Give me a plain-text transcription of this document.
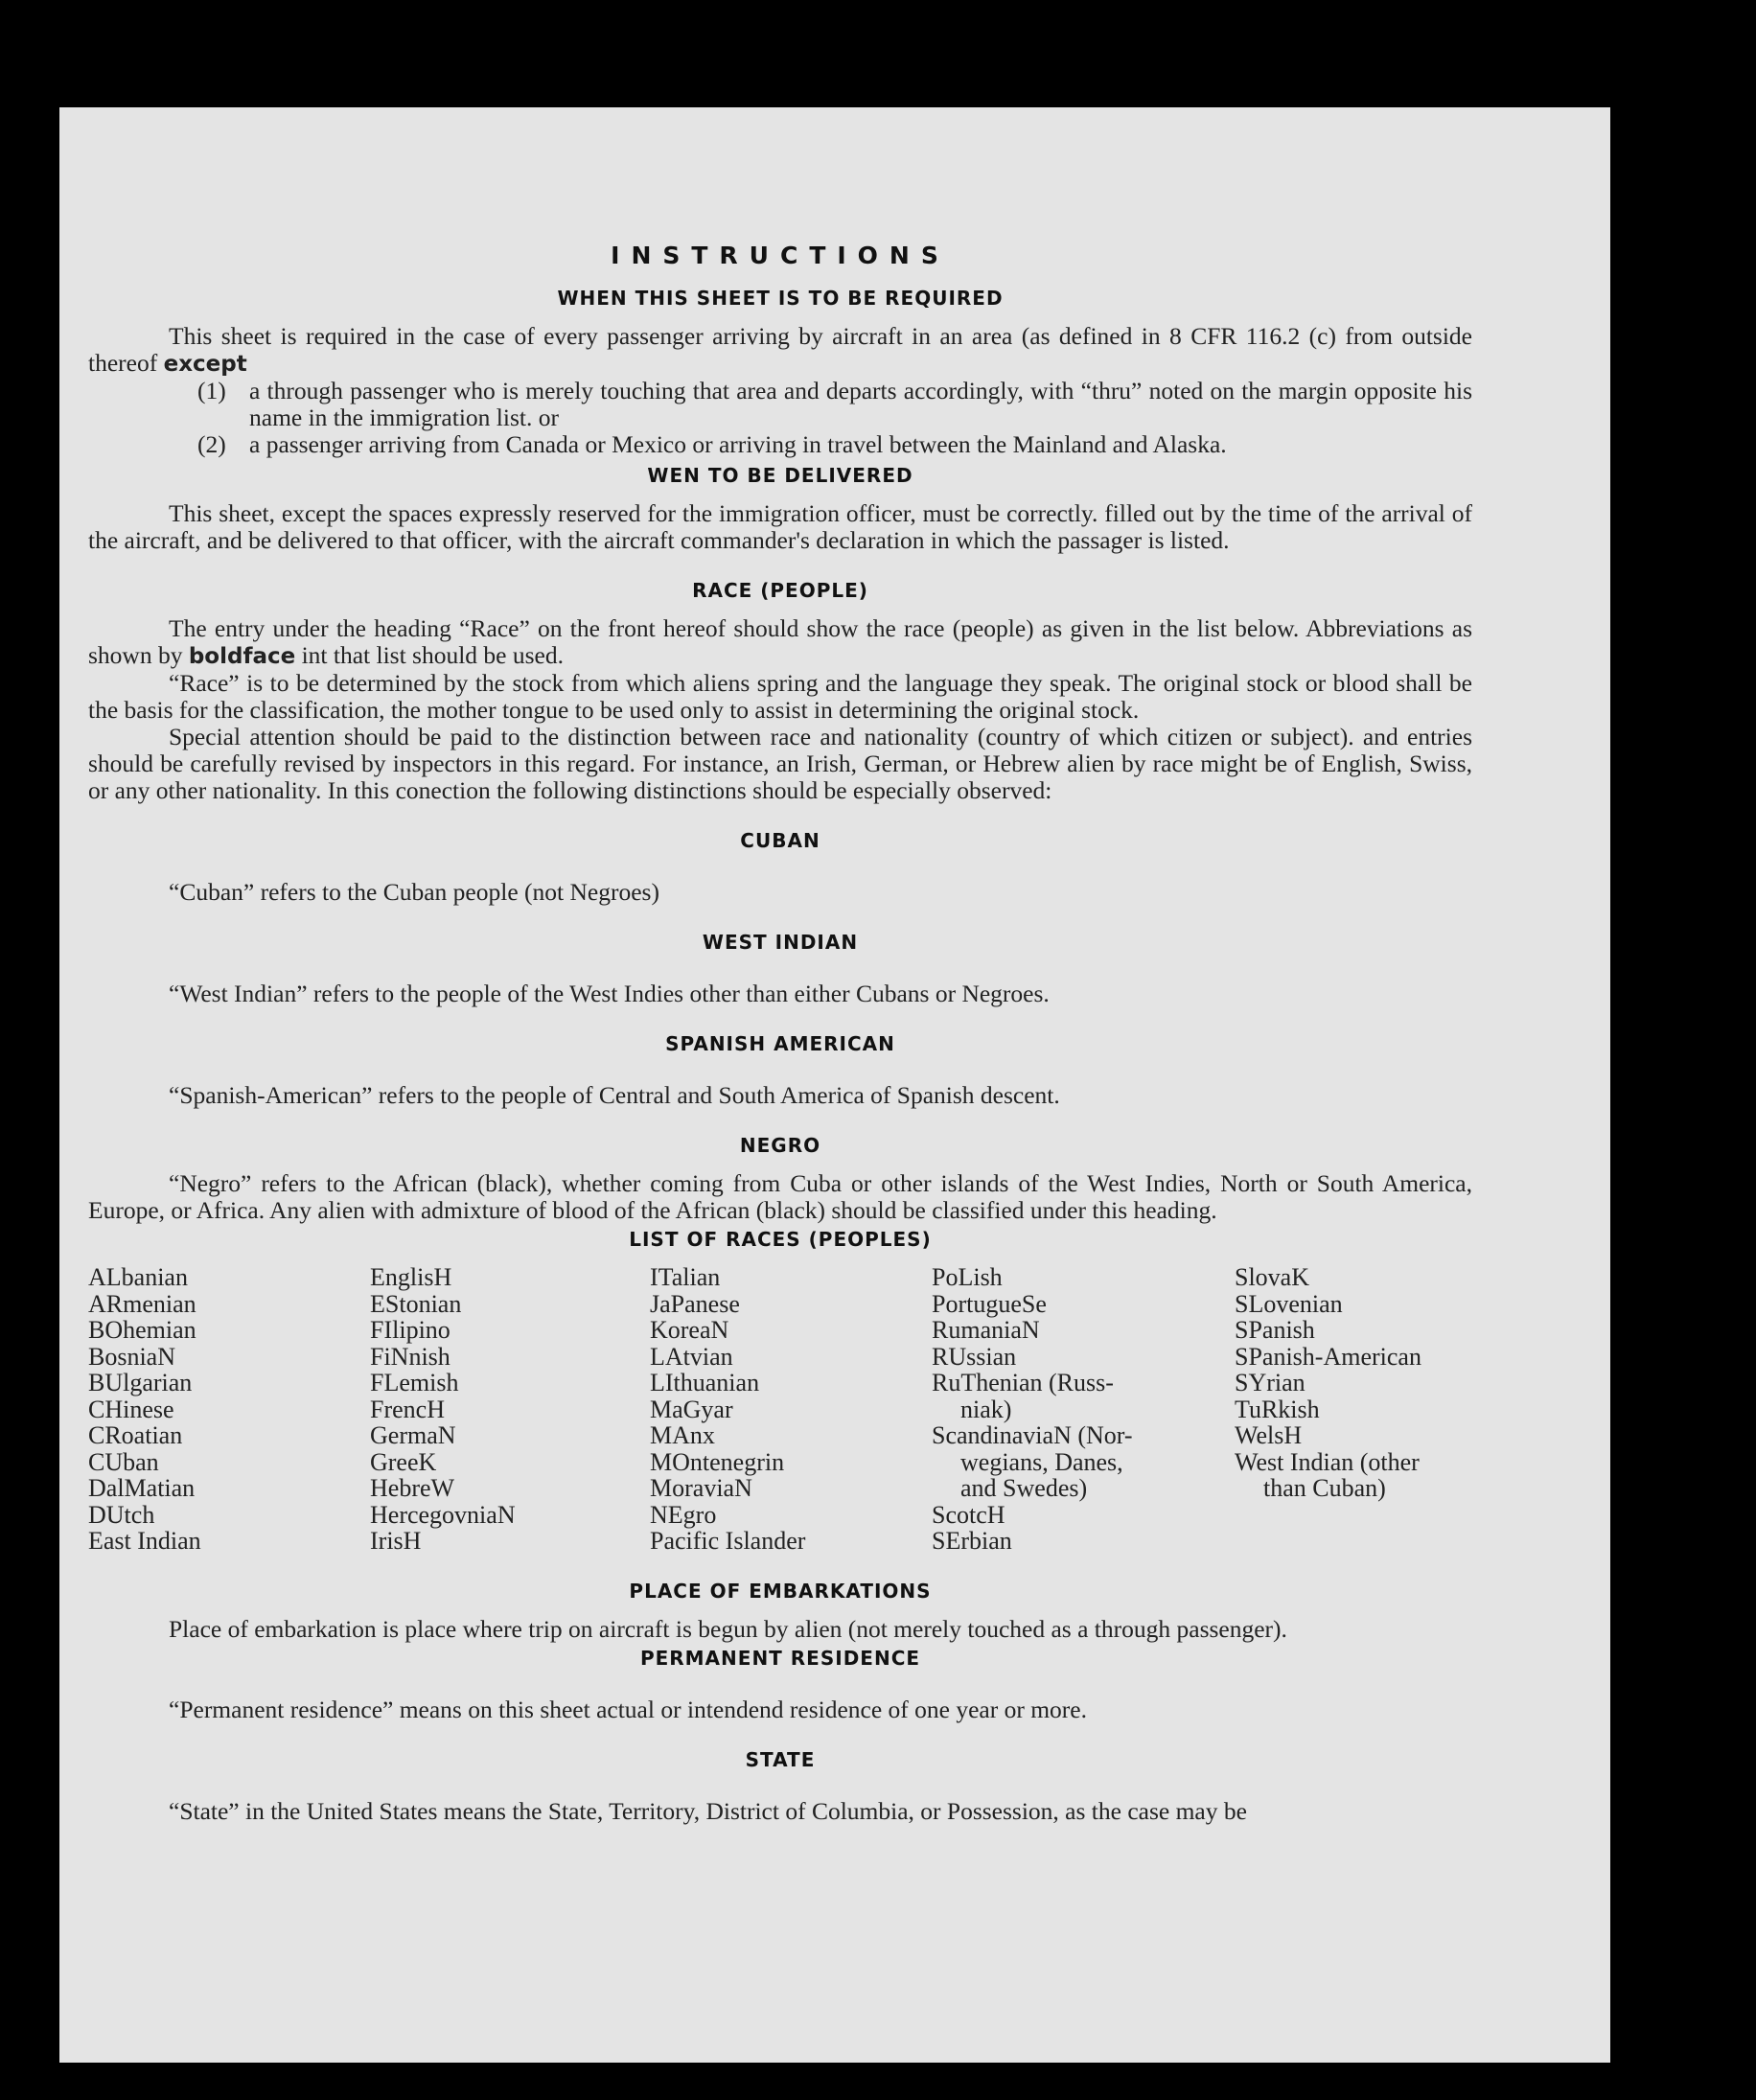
INSTRUCTIONS
WHEN THIS SHEET IS TO BE REQUIRED

This sheet is required in the case of every passenger arriving by aircraft in an area (as defined in 8 CFR 116.2 (c) from outside thereof except

(1) a through passenger who is merely touching that area and departs accordingly, with “thru” noted on the margin opposite his name in the immigration list. or
(2) a passenger arriving from Canada or Mexico or arriving in travel between the Mainland and Alaska.
WEN TO BE DELIVERED

This sheet, except the spaces expressly reserved for the immigration officer, must be correctly. filled out by the time of the arrival of the aircraft, and be delivered to that officer, with the aircraft commander's declaration in which the passager is listed.

RACE (PEOPLE)

The entry under the heading “Race” on the front hereof should show the race (people) as given in the list below. Abbreviations as shown by boldface int that list should be used.

“Race” is to be determined by the stock from which aliens spring and the language they speak. The original stock or blood shall be the basis for the classification, the mother tongue to be used only to assist in determining the original stock.

Special attention should be paid to the distinction between race and nationality (country of which citizen or subject). and entries should be carefully revised by inspectors in this regard. For instance, an Irish, German, or Hebrew alien by race might be of English, Swiss, or any other nationality. In this conection the following distinctions should be especially observed:

CUBAN

“Cuban” refers to the Cuban people (not Negroes)

WEST INDIAN

“West Indian” refers to the people of the West Indies other than either Cubans or Negroes.

SPANISH AMERICAN

“Spanish-American” refers to the people of Central and South America of Spanish descent.

NEGRO

“Negro” refers to the African (black), whether coming from Cuba or other islands of the West Indies, North or South America, Europe, or Africa. Any alien with admixture of blood of the African (black) should be classified under this heading.

LIST OF RACES (PEOPLES)
ALbanian
ARmenian
BOhemian
BosniaN
BUlgarian
CHinese
CRoatian
CUban
DalMatian
DUtch
East Indian
EnglisH
EStonian
FIlipino
FiNnish
FLemish
FrencH
GermaN
GreeK
HebreW
HercegovniaN
IrisH
ITalian
JaPanese
KoreaN
LAtvian
LIthuanian
MaGyar
MAnx
MOntenegrin
MoraviaN
NEgro
Pacific Islander
PoLish
PortugueSe
RumaniaN
RUssian
RuThenian (Russ-
niak)
ScandinaviaN (Nor-
wegians, Danes,
and Swedes)
ScotcH
SErbian
SlovaK
SLovenian
SPanish
SPanish-American
SYrian
TuRkish
WelsH
West Indian (other
than Cuban)
PLACE OF EMBARKATIONS

Place of embarkation is place where trip on aircraft is begun by alien (not merely touched as a through passenger).

PERMANENT RESIDENCE

“Permanent residence” means on this sheet actual or intendend residence of one year or more.

STATE

“State” in the United States means the State, Territory, District of Columbia, or Possession, as the case may be
